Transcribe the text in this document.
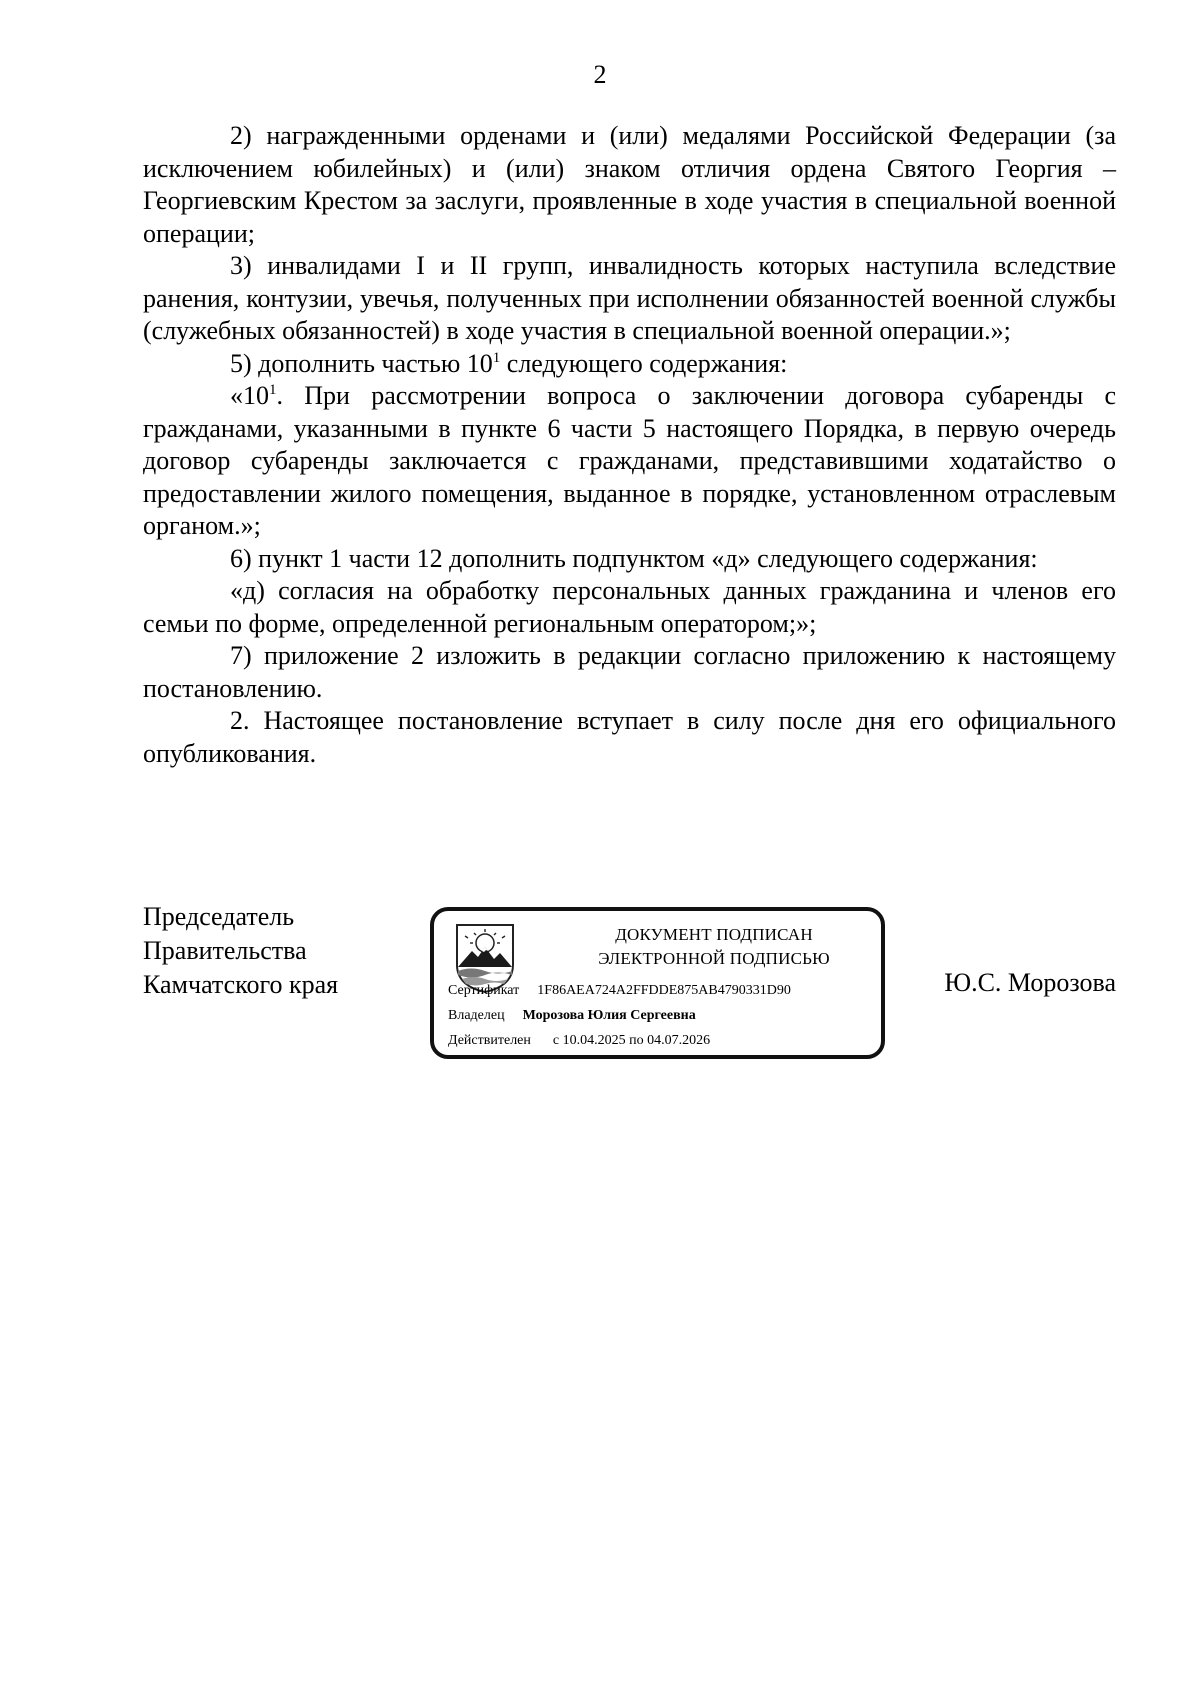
2

2) награжденными орденами и (или) медалями Российской Федерации (за исключением юбилейных) и (или) знаком отличия ордена Святого Георгия – Георгиевским Крестом за заслуги, проявленные в ходе участия в специальной военной операции;

3) инвалидами I и II групп, инвалидность которых наступила вследствие ранения, контузии, увечья, полученных при исполнении обязанностей военной службы (служебных обязанностей) в ходе участия в специальной военной операции.»;

5) дополнить частью $10^1$ следующего содержания:

«$10^1$. При рассмотрении вопроса о заключении договора субаренды с гражданами, указанными в пункте 6 части 5 настоящего Порядка, в первую очередь договор субаренды заключается с гражданами, представившими ходатайство о предоставлении жилого помещения, выданное в порядке, установленном отраслевым органом.»;

6) пункт 1 части 12 дополнить подпунктом «д» следующего содержания:

«д) согласия на обработку персональных данных гражданина и членов его семьи по форме, определенной региональным оператором;»;

7) приложение 2 изложить в редакции согласно приложению к настоящему постановлению.

2. Настоящее постановление вступает в силу после дня его официального опубликования.

Председатель
Правительства
Камчатского края
ДОКУМЕНТ ПОДПИСАН
ЭЛЕКТРОННОЙ ПОДПИСЬЮ
Сертификат 1F86AEA724A2FFDDE875AB4790331D90
Владелец Морозова Юлия Сергеевна
Действителен с 10.04.2025 по 04.07.2026
Ю.С. Морозова
